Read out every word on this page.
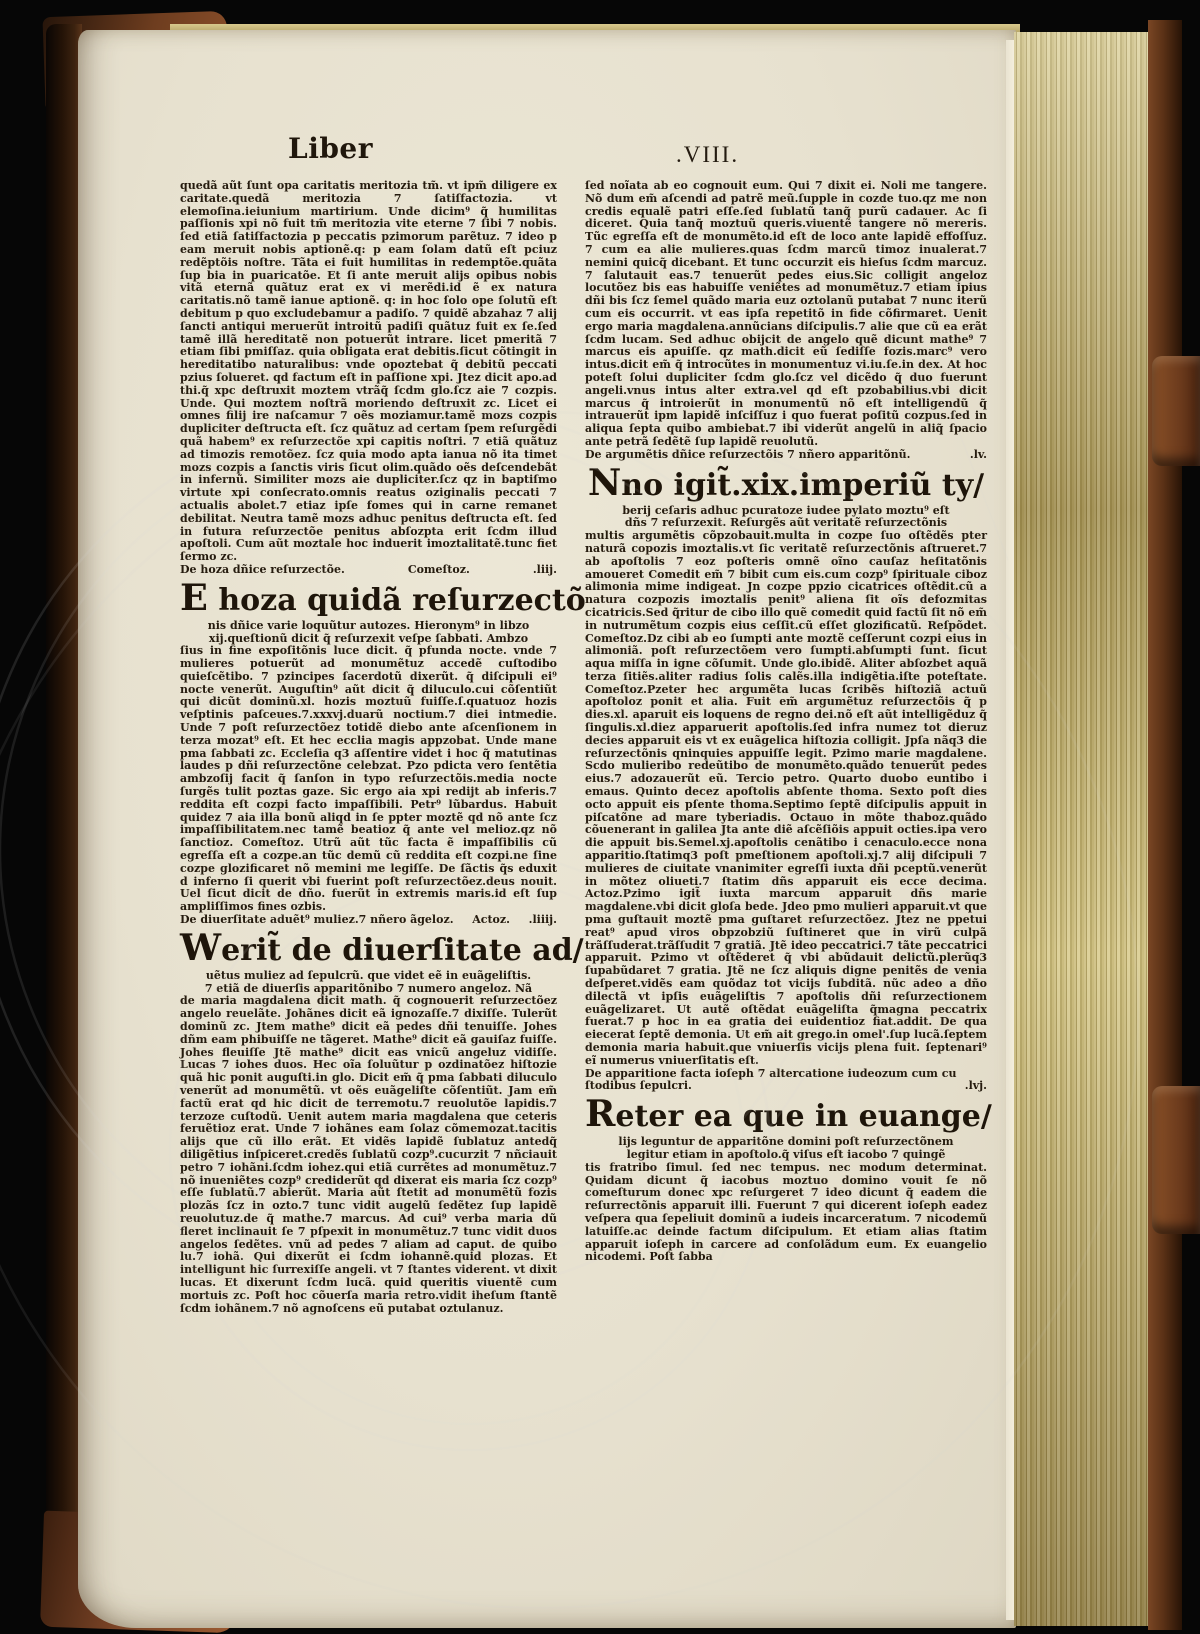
Liber	.VIII.

quedã aũt ſunt opa caritatis meritozia tm̃. vt ipm̃ diligere ex caritate.quedã meritozia 7 ſatiſfactozia. vt elemoſina.ieiunium martirium. Unde dicim⁹ q̃ humilitas paſſionis xpi nõ fuit tm̃ meritozia vite eterne 7 ſibi 7 nobis. ſed etiã ſatiſfactozia p peccatis pzimorum parẽtuz. 7 ideo p eam meruit nobis aptionẽ.q: p eam ſolam datũ eſt pciuz redẽptõis noſtre. Tãta ei fuit humilitas in redemptõe.quãta ſup bia in puaricatõe. Et ſi ante meruit alijs opibus nobis vitã eternã quãtuz erat ex vi merẽdi.id ẽ ex natura caritatis.nõ tamẽ ianue aptionẽ. q: in hoc ſolo ope ſolutũ eſt debitum p quo excludebamur a padiſo. 7 quidẽ abzahaz 7 alij ſancti antiqui meruerũt introitũ padiſi quãtuz fuit ex ſe.ſed tamẽ illã hereditatẽ non potuerũt intrare. licet pmeritã 7 etiam ſibi pmiſſaz. quia obligata erat debitis.ſicut cõtingit in hereditatibo naturalibus: vnde opoztebat q̃ debitũ peccati pzius ſolueret. qd factum eſt in paſſione xpi. Jtez dicit apo.ad thi.q̃ xpc deſtruxit moztem vtrãq̃ ſcdm glo.ſcz aie 7 cozpis. Unde. Qui moztem noſtrã moriendo deſtruxit zc. Licet ei omnes filij ire naſcamur 7 oẽs moziamur.tamẽ mozs cozpis dupliciter deſtructa eſt. ſcz quãtuz ad certam ſpem reſurgẽdi quã habem⁹ ex reſurzectõe xpi capitis noſtri. 7 etiã quãtuz ad timozis remotõez. ſcz quia modo apta ianua nõ ita timet mozs cozpis a ſanctis viris ſicut olim.quãdo oẽs deſcendebãt in infernũ. Similiter mozs aie dupliciter.ſcz qz in baptiſmo virtute xpi conſecrato.omnis reatus oziginalis peccati 7 actualis abolet.7 etiaz ipſe fomes qui in carne remanet debilitat. Neutra tamẽ mozs adhuc penitus deſtructa eſt. ſed in futura reſurzectõe penitus abſozpta erit ſcdm illud apoſtoli. Cum aũt moztale hoc induerit imoztalitatẽ.tunc fiet ſermo zc.

De hoza dñice reſurzectõe.	Comeſtoz.	.liij.
E hoza quidã reſurzectõ
nis dñice varie loquũtur autozes. Hieronym⁹ in libzo
xij.queſtionũ dicit q̃ reſurzexit veſpe ſabbati. Ambzo

ſius in fine expoſitõnis luce dicit. q̃ pfunda nocte. vnde 7 mulieres potuerũt ad monumẽtuz accedẽ cuſtodibo quieſcẽtibo. 7 pzincipes ſacerdotũ dixerũt. q̃ diſcipuli ei⁹ nocte venerũt. Auguſtin⁹ aũt dicit q̃ diluculo.cui cõſentiũt qui dicũt dominũ.xl. hozis moztuũ fuiſſe.ſ.quatuoz hozis veſptinis paſceues.7.xxxvj.duarũ noctium.7 diei intmedie. Unde 7 poſt reſurzectõez totidẽ diebo ante aſcenſionem in terza mozat⁹ eſt. Et hec ecclia magis appzobat. Unde mane pma ſabbati zc. Eccleſia q3 aſſentire videt i hoc q̃ matutinas laudes p dñi reſurzectõne celebzat. Pzo pdicta vero ſentẽtia ambzoſij facit q̃ ſanſon in typo reſurzectõis.media nocte ſurgẽs tulit poztas gaze. Sic ergo aia xpi redijt ab inferis.7 reddita eſt cozpi facto impaſſibili. Petr⁹ lũbardus. Habuit quidez 7 aia illa bonũ aliqd in ſe ppter moztẽ qd nõ ante ſcz impaſſibilitatem.nec tamẽ beatioz q̃ ante vel melioz.qz nõ ſanctioz. Comeſtoz. Utrũ aũt tũc facta ẽ impaſſibilis cũ egreſſa eſt a cozpe.an tũc demũ cũ reddita eſt cozpi.ne ſine cozpe glozificaret nõ memini me legiſſe. De ſãctis q̃s eduxit d inferno ſi querit vbi fuerint poſt reſurzectõez.deus nouit. Uel ſicut dicit de dño. fuerũt in extremis maris.id eſt ſup ampliſſimos fines ozbis.

De diuerſitate aduẽt⁹ muliez.7 nñero ãgeloz. Actoz. .liiij.
Werit̃ de diuerſitate ad/
uẽtus muliez ad ſepulcrũ. que videt eẽ in euãgeliſtis.
7 etiã de diuerſis apparitõnibo 7 numero angeloz. Nã

de maria magdalena dicit math. q̃ cognouerit reſurzectõez angelo reuelãte. Johãnes dicit eã ignozaſſe.7 dixiſſe. Tulerũt dominũ zc. Jtem mathe⁹ dicit eã pedes dñi tenuiſſe. Johes dñm eam phibuiſſe ne tãgeret. Mathe⁹ dicit eã gauiſaz fuiſſe. Johes fleuiſſe Jtẽ mathe⁹ dicit eas vnicũ angeluz vidiſſe. Lucas 7 iohes duos. Hec oĩa ſoluũtur p ozdinatõez hiſtozie quã hic ponit auguſti.in glo. Dicit em̃ q̃ pma ſabbati diluculo venerũt ad monumẽtũ. vt oẽs euãgeliſte cõſentiũt. Jam em̃ factũ erat qd hic dicit de terremotu.7 reuolutõe lapidis.7 terzoze cuſtodũ. Uenit autem maria magdalena que ceteris feruẽtioz erat. Unde 7 iohãnes eam ſolaz cõmemozat.tacitis alijs que cũ illo erãt. Et vidẽs lapidẽ ſublatuz antedq̃ diligẽtius inſpiceret.credẽs ſublatũ cozp⁹.cucurzit 7 nñciauit petro 7 iohãni.ſcdm iohez.qui etiã currẽtes ad monumẽtuz.7 nõ inueniẽtes cozp⁹ crediderũt qd dixerat eis maria ſcz cozp⁹ eſſe ſublatũ.7 abierũt. Maria aũt ſtetit ad monumẽtũ fozis plozãs ſcz in ozto.7 tunc vidit augelũ ſedẽtez ſup lapidẽ reuolutuz.de q̃ mathe.7 marcus. Ad cui⁹ verba maria dũ fleret inclinauit ſe 7 pſpexit in monumẽtuz.7 tunc vidit duos angelos ſedẽtes. vnũ ad pedes 7 aliam ad caput. de quibo lu.7 iohã. Qui dixerũt ei ſcdm iohannẽ.quid plozas. Et intelligunt hic ſurrexiſſe angeli. vt 7 ſtantes viderent. vt dixit lucas. Et dixerunt ſcdm lucã. quid queritis viuentẽ cum mortuis zc. Poſt hoc cõuerſa maria retro.vidit iheſum ſtantẽ ſcdm iohãnem.7 nõ agnoſcens eũ putabat oztulanuz.

ſed noĩata ab eo cognouit eum. Qui 7 dixit ei. Noli me tangere. Nõ dum em̃ aſcendi ad patrẽ meũ.ſupple in cozde tuo.qz me non credis equalẽ patri eſſe.ſed ſublatũ tanq̃ purũ cadauer. Ac ſi diceret. Quia tanq̃ moztuũ queris.viuentẽ tangere nõ mereris. Tũc egreſſa eſt de monumẽto.id eſt de loco ante lapidẽ effoſſuz. 7 cum ea alie mulieres.quas ſcdm marcũ timoz inualerat.7 nemini quicq̃ dicebant. Et tunc occurzit eis hieſus ſcdm marcuz. 7 ſalutauit eas.7 tenuerũt pedes eius.Sic colligit angeloz locutõez bis eas habuiſſe veniẽtes ad monumẽtuz.7 etiam ipius dñi bis ſcz ſemel quãdo maria euz oztolanũ putabat 7 nunc iterũ cum eis occurrit. vt eas ipſa repetitõ in fide cõfirmaret. Uenit ergo maria magdalena.annũcians diſcipulis.7 alie que cũ ea erãt ſcdm lucam. Sed adhuc obijcit de angelo quẽ dicunt mathe⁹ 7 marcus eis apuiſſe. qz math.dicit eũ ſediſſe fozis.marc⁹ vero intus.dicit em̃ q̃ introcũtes in monumentuz vi.iu.ſe.in dex. At hoc poteſt ſolui dupliciter ſcdm glo.ſcz vel dicẽdo q̃ duo fuerunt angeli.vnus intus alter extra.vel qd eſt pzobabilius.vbi dicit marcus q̃ introierũt in monumentũ nõ eſt intelligendũ q̃ intrauerũt ipm lapidẽ inſciſſuz i quo fuerat poſitũ cozpus.ſed in aliqua ſepta quibo ambiebat.7 ibi viderũt angelũ in aliq̃ ſpacio ante petrã ſedẽtẽ ſup lapidẽ reuolutũ.

De argumẽtis dñice reſurzectõis 7 nñero apparitõnũ.	.lv.
Nno igit̃.xix.imperiũ ty/
berij ceſaris adhuc pcuratoze iudee pylato moztu⁹ eſt
dñs 7 reſurzexit. Reſurgẽs aũt veritatẽ reſurzectõnis

multis argumẽtis cõpzobauit.multa in cozpe ſuo oſtẽdẽs pter naturã copozis imoztalis.vt ſic veritatẽ reſurzectõnis aſtrueret.7 ab apoſtolis 7 eoz poſteris omnẽ oĩno cauſaz heſitatõnis amoueret Comedit em̃ 7 bibit cum eis.cum cozp⁹ ſpirituale ciboz alimonia mime indigeat. Jn cozpe ppzio cicatrices oſtẽdit.cũ a natura cozpozis imoztalis penit⁹ aliena ſit oĩs defozmitas cicatricis.Sed q̃ritur de cibo illo quẽ comedit quid factũ ſit nõ em̃ in nutrumẽtum cozpis eius ceſſit.cũ eſſet glozificatũ. Reſpõdet. Comeſtoz.Dz cibi ab eo ſumpti ante moztẽ ceſſerunt cozpi eius in alimoniã. poſt reſurzectõem vero ſumpti.abſumpti ſunt. ſicut aqua miſſa in igne cõſumit. Unde glo.ibidẽ. Aliter abſozbet aquã terza ſitiẽs.aliter radius ſolis calẽs.illa indigẽtia.iſte poteſtate. Comeſtoz.Pzeter hec argumẽta lucas ſcribẽs hiſtoziã actuũ apoſtoloz ponit et alia. Fuit em̃ argumẽtuz reſurzectõis q̃ p dies.xl. aparuit eis loquens de regno dei.nõ eſt aũt intelligẽduz q̃ ſingulis.xl.diez apparuerit apoſtolis.ſed infra numez tot dieruz decies apparuit eis vt ex euãgelica hiſtozia colligit. Jpſa nãq3 die reſurzectõnis qninquies appuiſſe legit. Pzimo marie magdalene. Scdo mulieribo redeũtibo de monumẽto.quãdo tenuerũt pedes eius.7 adozauerũt eũ. Tercio petro. Quarto duobo euntibo i emaus. Quinto decez apoſtolis abſente thoma. Sexto poſt dies octo appuit eis pſente thoma.Septimo ſeptẽ diſcipulis appuit in piſcatõne ad mare tyberiadis. Octauo in mõte thaboz.quãdo cõuenerant in galilea Jta ante diẽ aſcẽſiõis appuit octies.ipa vero die appuit bis.Semel.xj.apoſtolis cenãtibo i cenaculo.ecce nona apparitio.ſtatimq3 poſt pmeſtionem apoſtoli.xj.7 alij diſcipuli 7 mulieres de ciuitate vnanimiter egreſſi iuxta dñi pceptũ.venerũt in mõtez oliueti.7 ſtatim dñs apparuit eis ecce decima. Actoz.Pzimo igit̃ iuxta marcum apparuit dñs marie magdalene.vbi dicit gloſa bede. Jdeo pmo mulieri apparuit.vt que pma guſtauit moztẽ pma guſtaret reſurzectõez. Jtez ne ppetui reat⁹ apud viros obpzobziũ ſuſtineret que in virũ culpã trãſſuderat.trãſſudit 7 gratiã. Jtẽ ideo peccatrici.7 tãte peccatrici apparuit. Pzimo vt oſtẽderet q̃ vbi abũdauit delictũ.plerũq3 ſupabũdaret 7 gratia. Jtẽ ne ſcz aliquis digne penitẽs de venia deſperet.vidẽs eam quõdaz tot vicijs ſubditã. nũc adeo a dño dilectã vt ipſis euãgeliſtis 7 apoſtolis dñi reſurzectionem euãgelizaret. Ut autẽ oſtẽdat euãgeliſta q̃magna peccatrix fuerat.7 p hoc in ea gratia dei euidentioz fiat.addit. De qua eiecerat ſeptẽ demonia. Ut em̃ ait grego.in omel'.ſup lucã.ſeptem demonia maria habuit.que vniuerſis vicijs plena fuit. ſeptenari⁹ eĩ numerus vniuerſitatis eſt.

De apparitione facta ioſeph 7 altercatione iudeozum cum cu
ſtodibus ſepulcri.	.lvj.
Reter ea que in euange/
lijs leguntur de apparitõne domini poſt reſurzectõnem
legitur etiam in apoſtolo.q̃ viſus eſt iacobo 7 quingẽ

tis fratribo ſimul. ſed nec tempus. nec modum determinat. Quidam dicunt q̃ iacobus moztuo domino vouit ſe nõ comeſturum donec xpc reſurgeret 7 ideo dicunt q̃ eadem die reſurrectõnis apparuit illi. Fuerunt 7 qui dicerent ioſeph eadez veſpera qua ſepeliuit dominũ a iudeis incarceratum. 7 nicodemũ latuiſſe.ac deinde factum diſcipulum. Et etiam alias ſtatim apparuit ioſeph in carcere ad conſolãdum eum. Ex euangelio nicodemi. Poſt ſabba
